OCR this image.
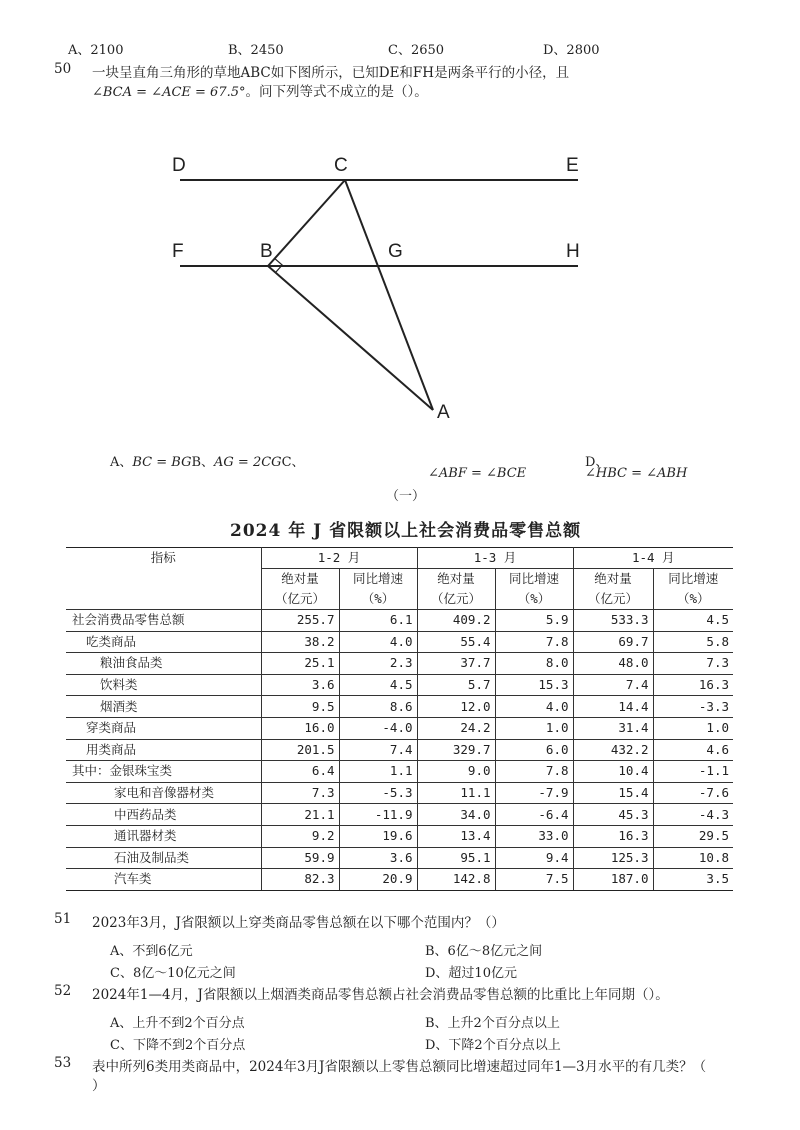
A、2100	B、2450	C、2650	D、2800
50 一块呈直角三角形的草地ABC如下图所示，已知DE和FH是两条平行的小径，且
∠BCA = ∠ACE = 67.5°。问下列等式不成立的是（）。
D	C	E
F	B	G	H
A
A、BC = BGB、AG = 2CGC、
∠ABF = ∠BCE
D、
∠HBC = ∠ABH
（一）
2024 年 J 省限额以上社会消费品零售总额
指标	1-2 月		1-3 月		1-4 月	
	绝对量	同比增速	绝对量	同比增速	绝对量	同比增速
	（亿元）	（%）	（亿元）	（%）	（亿元）	（%）
社会消费品零售总额	255.7	6.1	409.2	5.9	533.3	4.5
吃类商品	38.2	4.0	55.4	7.8	69.7	5.8
粮油食品类	25.1	2.3	37.7	8.0	48.0	7.3
饮料类	3.6	4.5	5.7	15.3	7.4	16.3
烟酒类	9.5	8.6	12.0	4.0	14.4	-3.3
穿类商品	16.0	-4.0	24.2	1.0	31.4	1.0
用类商品	201.5	7.4	329.7	6.0	432.2	4.6
其中：金银珠宝类	6.4	1.1	9.0	7.8	10.4	-1.1
家电和音像器材类	7.3	-5.3	11.1	-7.9	15.4	-7.6
中西药品类	21.1	-11.9	34.0	-6.4	45.3	-4.3
通讯器材类	9.2	19.6	13.4	33.0	16.3	29.5
石油及制品类	59.9	3.6	95.1	9.4	125.3	10.8
汽车类	82.3	20.9	142.8	7.5	187.0	3.5
51 2023年3月，J省限额以上穿类商品零售总额在以下哪个范围内？（）
A、不到6亿元	B、6亿～8亿元之间
C、8亿～10亿元之间	D、超过10亿元
52 2024年1—4月，J省限额以上烟酒类商品零售总额占社会消费品零售总额的比重比上年同期（）。
A、上升不到2个百分点	B、上升2个百分点以上
C、下降不到2个百分点	D、下降2个百分点以上
53 表中所列6类用类商品中，2024年3月J省限额以上零售总额同比增速超过同年1—3月水平的有几类？（
）
